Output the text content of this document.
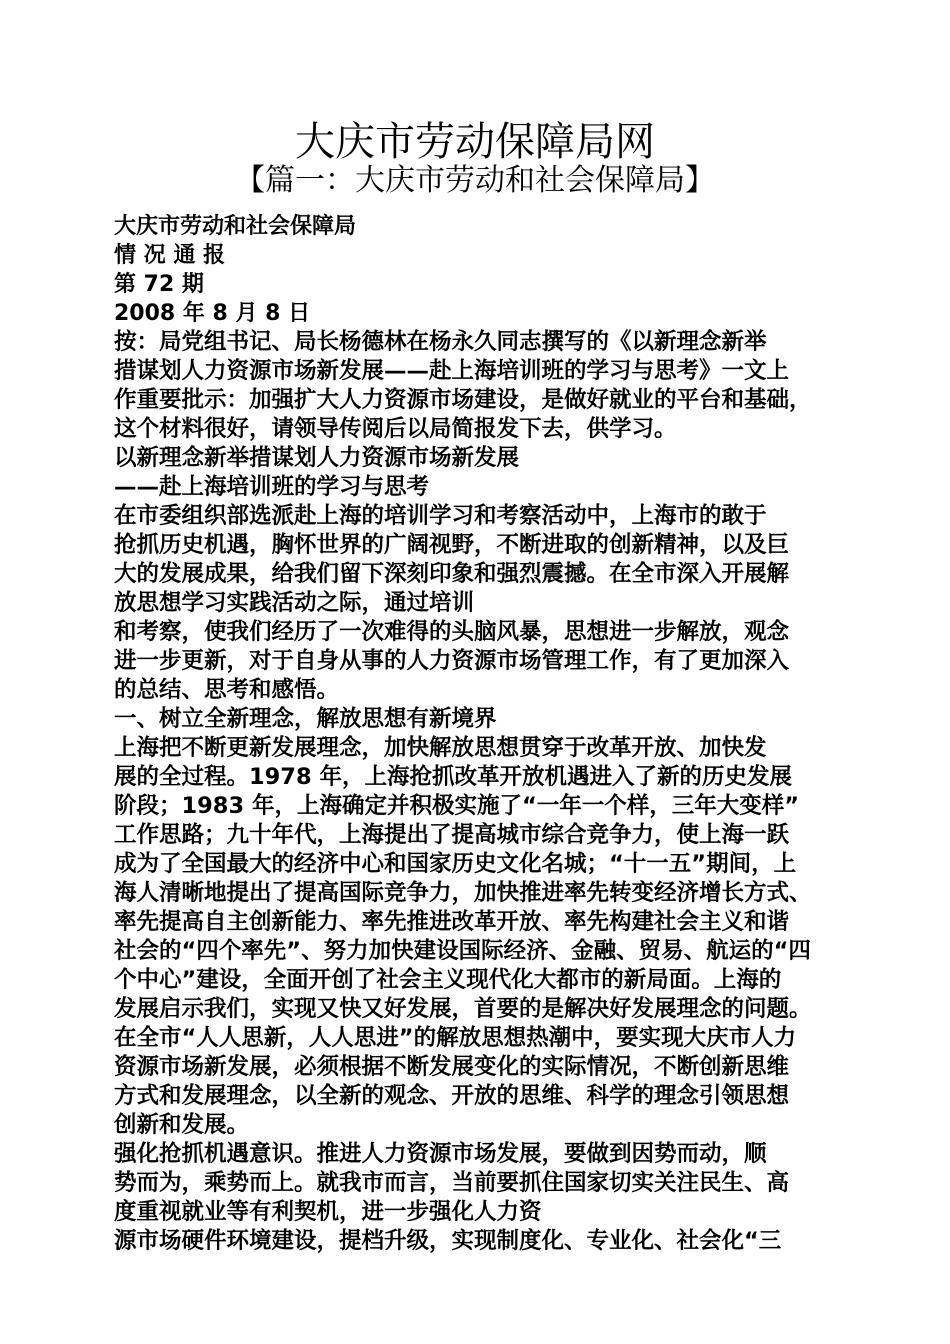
大庆市劳动保障局网
【篇一：大庆市劳动和社会保障局】
大庆市劳动和社会保障局
情 况 通 报
第 72 期
2008 年 8 月 8 日
按：局党组书记、局长杨德林在杨永久同志撰写的《以新理念新举
措谋划人力资源市场新发展——赴上海培训班的学习与思考》一文上
作重要批示：加强扩大人力资源市场建设，是做好就业的平台和基础，
这个材料很好，请领导传阅后以局简报发下去，供学习。
以新理念新举措谋划人力资源市场新发展
——赴上海培训班的学习与思考
在市委组织部选派赴上海的培训学习和考察活动中，上海市的敢于
抢抓历史机遇，胸怀世界的广阔视野，不断进取的创新精神，以及巨
大的发展成果，给我们留下深刻印象和强烈震撼。在全市深入开展解
放思想学习实践活动之际，通过培训
和考察，使我们经历了一次难得的头脑风暴，思想进一步解放，观念
进一步更新，对于自身从事的人力资源市场管理工作，有了更加深入
的总结、思考和感悟。
一、树立全新理念，解放思想有新境界
上海把不断更新发展理念，加快解放思想贯穿于改革开放、加快发
展的全过程。1978 年，上海抢抓改革开放机遇进入了新的历史发展
阶段；1983 年，上海确定并积极实施了“一年一个样，三年大变样”
工作思路；九十年代，上海提出了提高城市综合竞争力，使上海一跃
成为了全国最大的经济中心和国家历史文化名城；“十一五”期间，上
海人清晰地提出了提高国际竞争力，加快推进率先转变经济增长方式、
率先提高自主创新能力、率先推进改革开放、率先构建社会主义和谐
社会的“四个率先”、努力加快建设国际经济、金融、贸易、航运的“四
个中心”建设，全面开创了社会主义现代化大都市的新局面。上海的
发展启示我们，实现又快又好发展，首要的是解决好发展理念的问题。
在全市“人人思新，人人思进”的解放思想热潮中，要实现大庆市人力
资源市场新发展，必须根据不断发展变化的实际情况，不断创新思维
方式和发展理念，以全新的观念、开放的思维、科学的理念引领思想
创新和发展。
强化抢抓机遇意识。推进人力资源市场发展，要做到因势而动，顺
势而为，乘势而上。就我市而言，当前要抓住国家切实关注民生、高
度重视就业等有利契机，进一步强化人力资
源市场硬件环境建设，提档升级，实现制度化、专业化、社会化“三
